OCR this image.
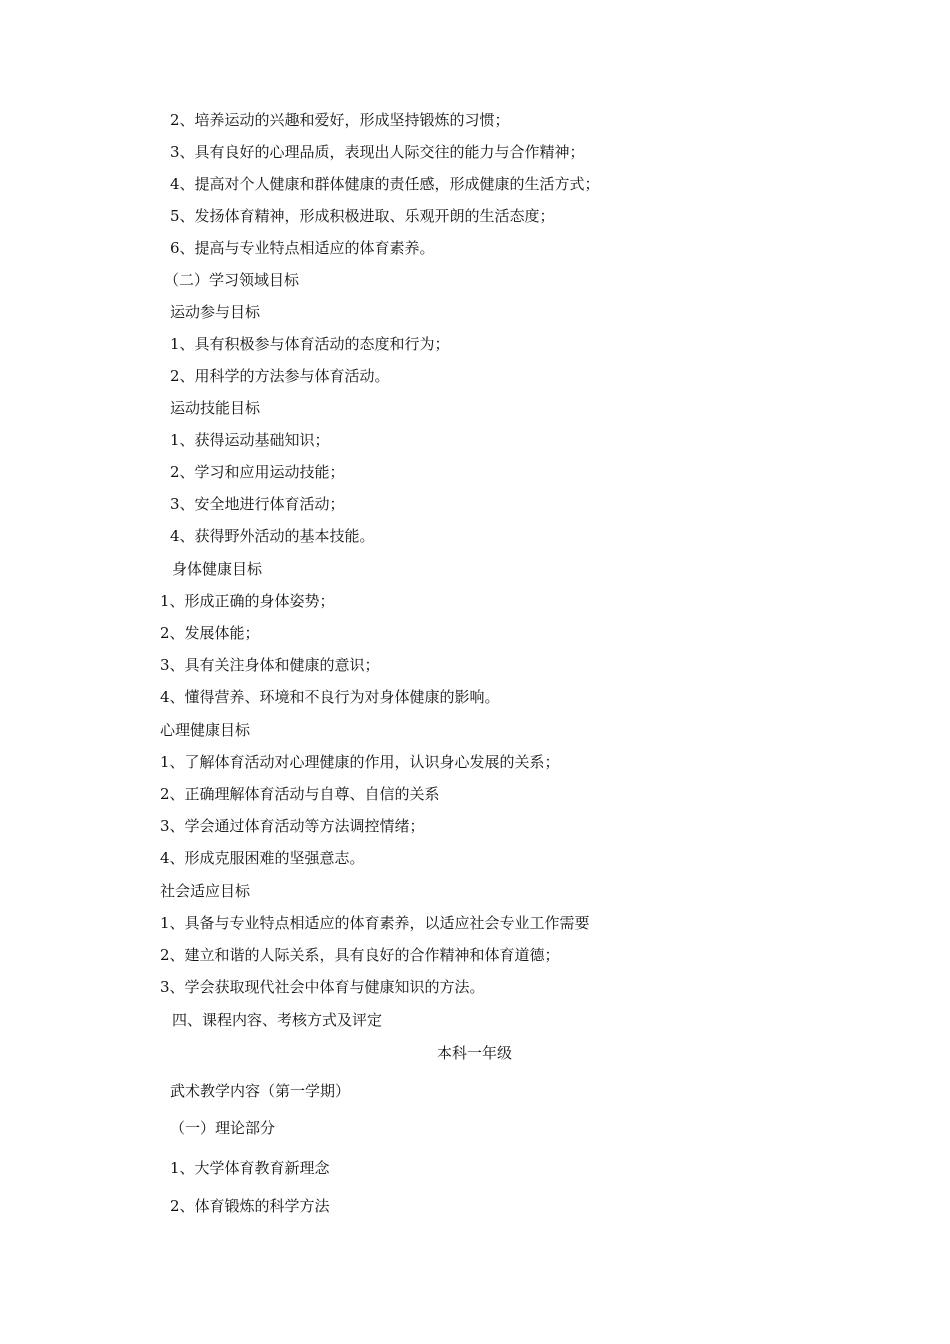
2、培养运动的兴趣和爱好，形成坚持锻炼的习惯；
3、具有良好的心理品质，表现出人际交往的能力与合作精神；
4、提高对个人健康和群体健康的责任感，形成健康的生活方式；
5、发扬体育精神，形成积极进取、乐观开朗的生活态度；
6、提高与专业特点相适应的体育素养。
（二）学习领域目标
运动参与目标
1、具有积极参与体育活动的态度和行为；
2、用科学的方法参与体育活动。
运动技能目标
1、获得运动基础知识；
2、学习和应用运动技能；
3、安全地进行体育活动；
4、获得野外活动的基本技能。
身体健康目标
1、形成正确的身体姿势；
2、发展体能；
3、具有关注身体和健康的意识；
4、懂得营养、环境和不良行为对身体健康的影响。
心理健康目标
1、了解体育活动对心理健康的作用，认识身心发展的关系；
2、正确理解体育活动与自尊、自信的关系
3、学会通过体育活动等方法调控情绪；
4、形成克服困难的坚强意志。
社会适应目标
1、具备与专业特点相适应的体育素养，以适应社会专业工作需要
2、建立和谐的人际关系，具有良好的合作精神和体育道德；
3、学会获取现代社会中体育与健康知识的方法。
四、课程内容、考核方式及评定
本科一年级
武术教学内容（第一学期）
（一）理论部分
1、大学体育教育新理念
2、体育锻炼的科学方法
